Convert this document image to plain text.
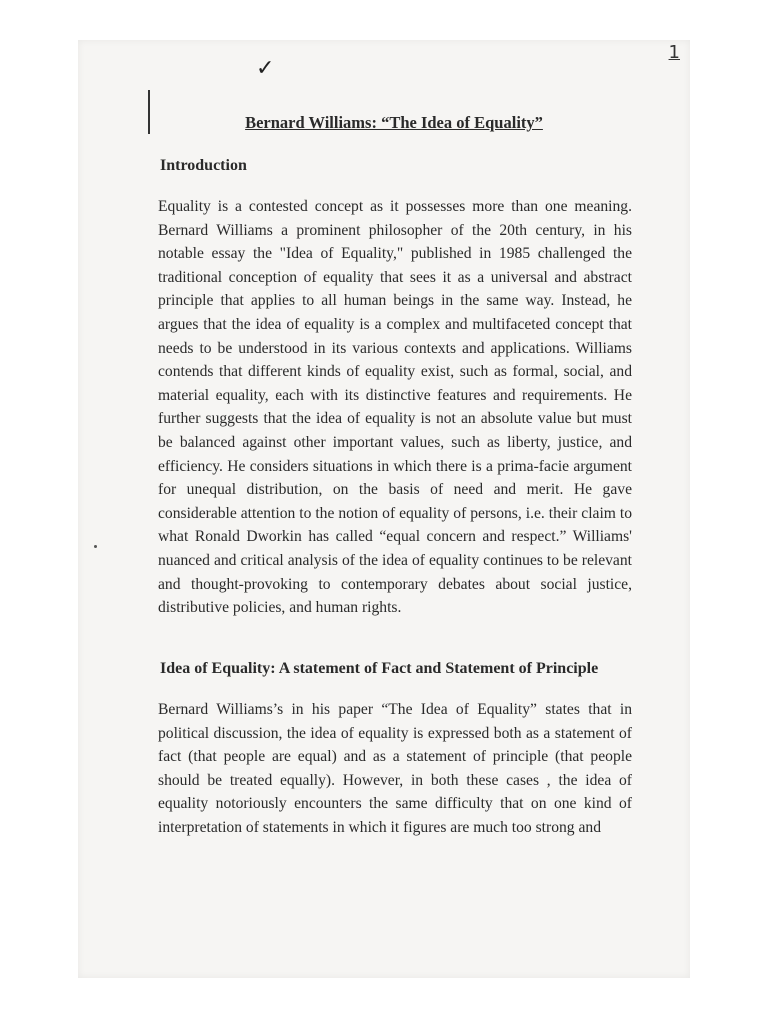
1
✓
Bernard Williams: “The Idea of Equality”
Introduction

Equality is a contested concept as it possesses more than one meaning. Bernard Williams a prominent philosopher of the 20th century, in his notable essay the "Idea of Equality," published in 1985 challenged the traditional conception of equality that sees it as a universal and abstract principle that applies to all human beings in the same way. Instead, he argues that the idea of equality is a complex and multifaceted concept that needs to be understood in its various contexts and applications. Williams contends that different kinds of equality exist, such as formal, social, and material equality, each with its distinctive features and requirements. He further suggests that the idea of equality is not an absolute value but must be balanced against other important values, such as liberty, justice, and efficiency. He considers situations in which there is a prima-facie argument for unequal distribution, on the basis of need and merit. He gave considerable attention to the notion of equality of persons, i.e. their claim to what Ronald Dworkin has called “equal concern and respect.” Williams' nuanced and critical analysis of the idea of equality continues to be relevant and thought-provoking to contemporary debates about social justice, distributive policies, and human rights.

Idea of Equality: A statement of Fact and Statement of Principle

Bernard Williams’s in his paper “The Idea of Equality” states that in political discussion, the idea of equality is expressed both as a statement of fact (that people are equal) and as a statement of principle (that people should be treated equally). However, in both these cases , the idea of equality notoriously encounters the same difficulty that on one kind of interpretation of statements in which it figures are much too strong and
